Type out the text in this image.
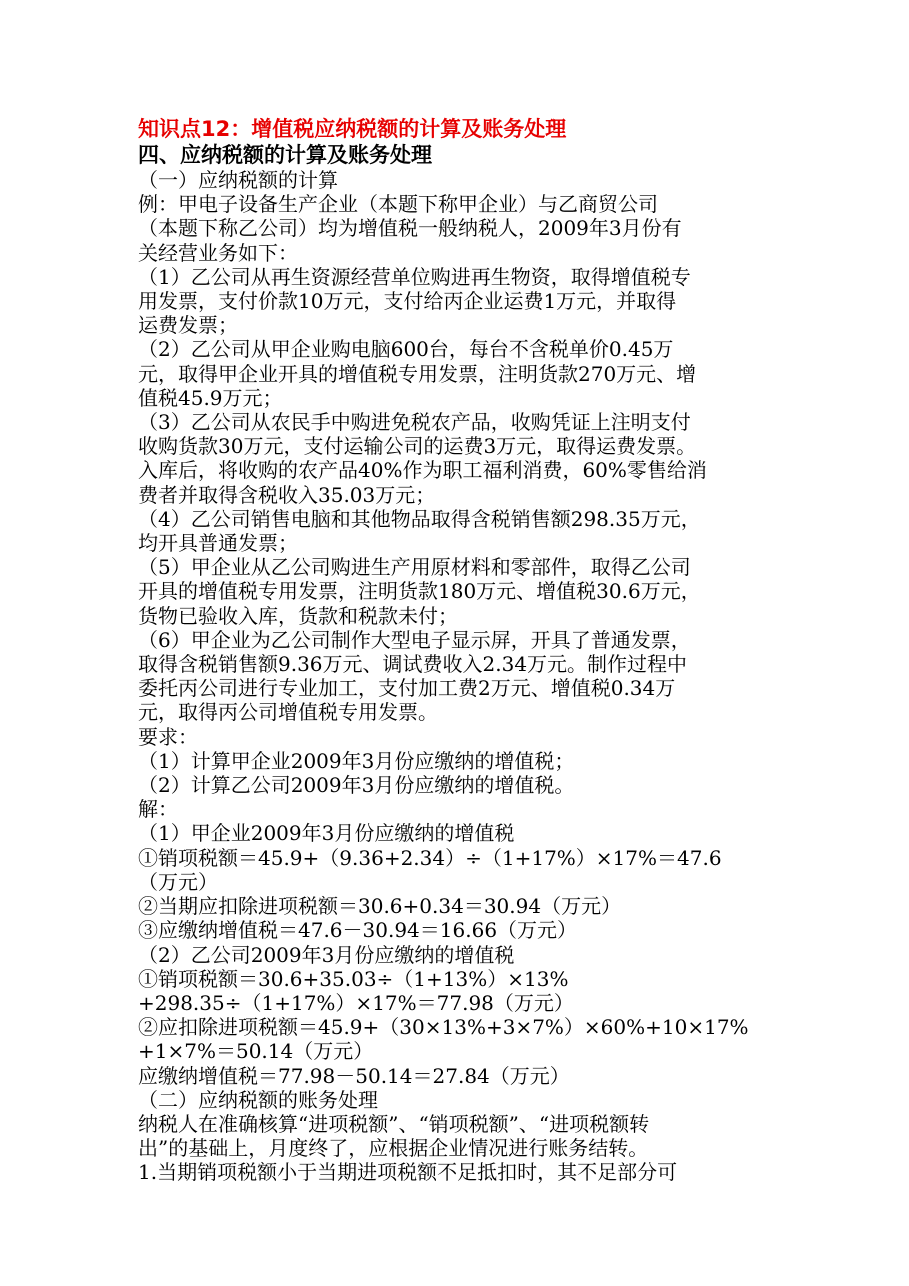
知识点12：增值税应纳税额的计算及账务处理
四、应纳税额的计算及账务处理
（一）应纳税额的计算
例：甲电子设备生产企业（本题下称甲企业）与乙商贸公司
（本题下称乙公司）均为增值税一般纳税人，2009年3月份有
关经营业务如下：
（1）乙公司从再生资源经营单位购进再生物资，取得增值税专
用发票，支付价款10万元，支付给丙企业运费1万元，并取得
运费发票；
（2）乙公司从甲企业购电脑600台，每台不含税单价0.45万
元，取得甲企业开具的增值税专用发票，注明货款270万元、增
值税45.9万元；
（3）乙公司从农民手中购进免税农产品，收购凭证上注明支付
收购货款30万元，支付运输公司的运费3万元，取得运费发票。
入库后，将收购的农产品40%作为职工福利消费，60%零售给消
费者并取得含税收入35.03万元；
（4）乙公司销售电脑和其他物品取得含税销售额298.35万元，
均开具普通发票；
（5）甲企业从乙公司购进生产用原材料和零部件，取得乙公司
开具的增值税专用发票，注明货款180万元、增值税30.6万元，
货物已验收入库，货款和税款未付；
（6）甲企业为乙公司制作大型电子显示屏，开具了普通发票，
取得含税销售额9.36万元、调试费收入2.34万元。制作过程中
委托丙公司进行专业加工，支付加工费2万元、增值税0.34万
元，取得丙公司增值税专用发票。
要求：
（1）计算甲企业2009年3月份应缴纳的增值税；
（2）计算乙公司2009年3月份应缴纳的增值税。
解：
（1）甲企业2009年3月份应缴纳的增值税
①销项税额＝45.9+（9.36+2.34）÷（1+17%）×17%＝47.6
（万元）
②当期应扣除进项税额＝30.6+0.34＝30.94（万元）
③应缴纳增值税＝47.6－30.94＝16.66（万元）
（2）乙公司2009年3月份应缴纳的增值税
①销项税额＝30.6+35.03÷（1+13%）×13%
+298.35÷（1+17%）×17%＝77.98（万元）
②应扣除进项税额＝45.9+（30×13%+3×7%）×60%+10×17%
+1×7%＝50.14（万元）
应缴纳增值税＝77.98－50.14＝27.84（万元）
（二）应纳税额的账务处理
纳税人在准确核算“进项税额”、“销项税额”、“进项税额转
出”的基础上，月度终了，应根据企业情况进行账务结转。
1.当期销项税额小于当期进项税额不足抵扣时，其不足部分可
